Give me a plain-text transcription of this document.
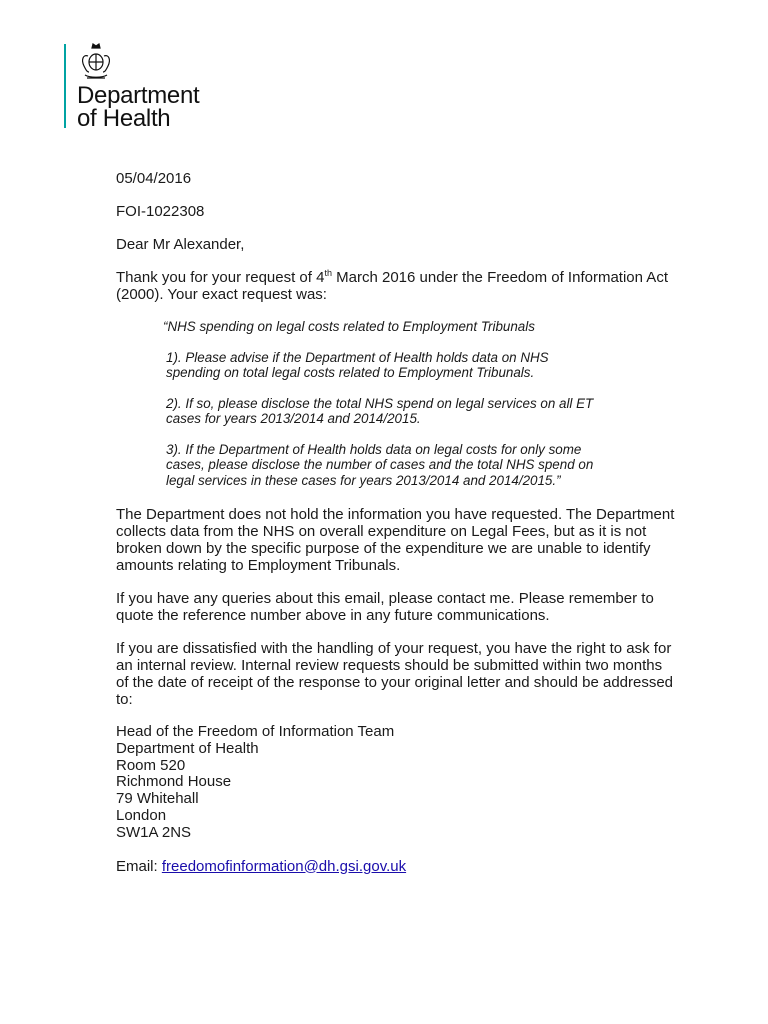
Department
of Health

05/04/2016

FOI-1022308

Dear Mr Alexander,

Thank you for your request of 4th March 2016 under the Freedom of Information Act (2000). Your exact request was:

“NHS spending on legal costs related to Employment Tribunals

1). Please advise if the Department of Health holds data on NHS spending on total legal costs related to Employment Tribunals.

2). If so, please disclose the total NHS spend on legal services on all ET cases for years 2013/2014 and 2014/2015.

3). If the Department of Health holds data on legal costs for only some cases, please disclose the number of cases and the total NHS spend on legal services in these cases for years 2013/2014 and 2014/2015.”

The Department does not hold the information you have requested. The Department collects data from the NHS on overall expenditure on Legal Fees, but as it is not broken down by the specific purpose of the expenditure we are unable to identify amounts relating to Employment Tribunals.

If you have any queries about this email, please contact me. Please remember to quote the reference number above in any future communications.

If you are dissatisfied with the handling of your request, you have the right to ask for an internal review. Internal review requests should be submitted within two months of the date of receipt of the response to your original letter and should be addressed to:

Head of the Freedom of Information Team
Department of Health
Room 520
Richmond House
79 Whitehall
London
SW1A 2NS

Email: freedomofinformation@dh.gsi.gov.uk
